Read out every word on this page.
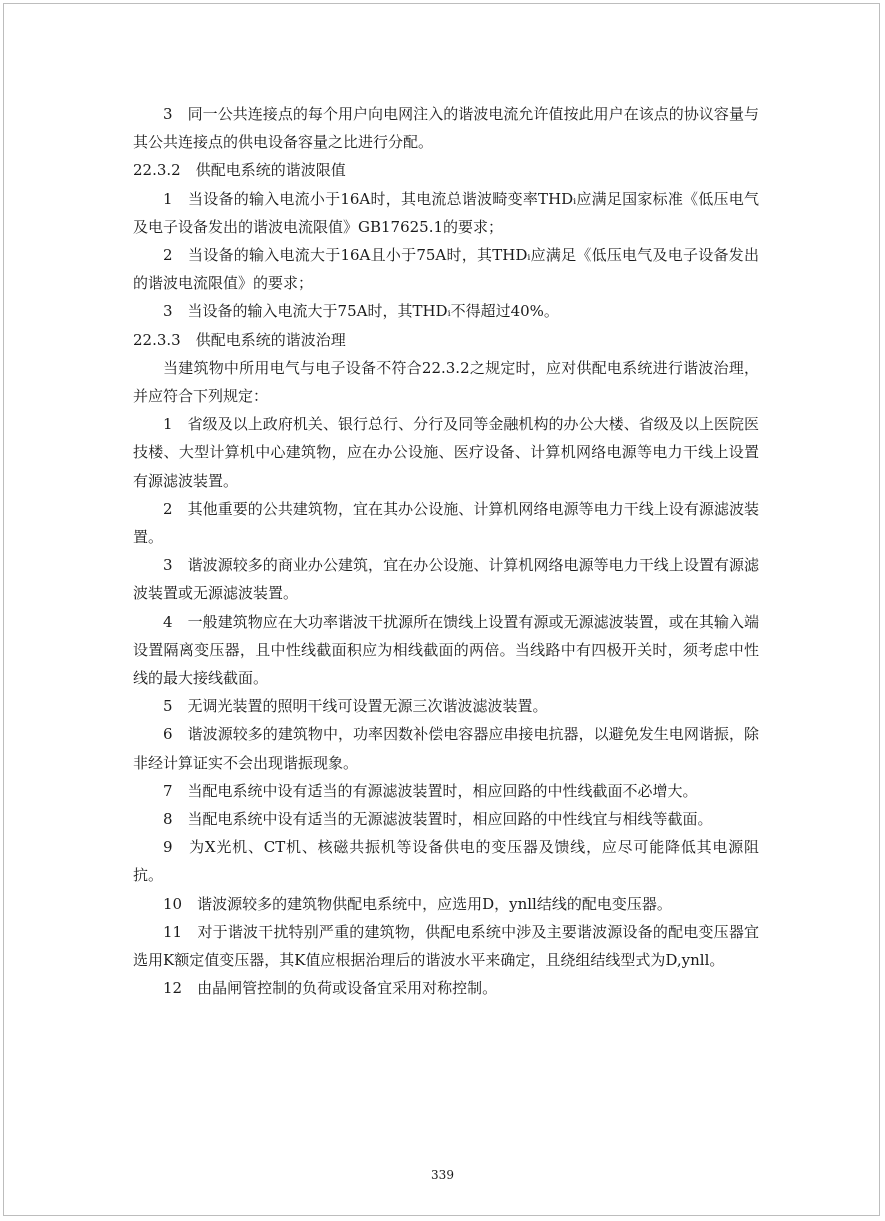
3　同一公共连接点的每个用户向电网注入的谐波电流允许值按此用户在该点的协议容量与其公共连接点的供电设备容量之比进行分配。

22.3.2　供配电系统的谐波限值

1　当设备的输入电流小于16A时，其电流总谐波畸变率THDᵢ应满足国家标准《低压电气及电子设备发出的谐波电流限值》GB17625.1的要求；

2　当设备的输入电流大于16A且小于75A时，其THDᵢ应满足《低压电气及电子设备发出的谐波电流限值》的要求；

3　当设备的输入电流大于75A时，其THDᵢ不得超过40%。

22.3.3　供配电系统的谐波治理

当建筑物中所用电气与电子设备不符合22.3.2之规定时，应对供配电系统进行谐波治理，并应符合下列规定：

1　省级及以上政府机关、银行总行、分行及同等金融机构的办公大楼、省级及以上医院医技楼、大型计算机中心建筑物，应在办公设施、医疗设备、计算机网络电源等电力干线上设置有源滤波装置。

2　其他重要的公共建筑物，宜在其办公设施、计算机网络电源等电力干线上设有源滤波装置。

3　谐波源较多的商业办公建筑，宜在办公设施、计算机网络电源等电力干线上设置有源滤波装置或无源滤波装置。

4　一般建筑物应在大功率谐波干扰源所在馈线上设置有源或无源滤波装置，或在其输入端设置隔离变压器，且中性线截面积应为相线截面的两倍。当线路中有四极开关时，须考虑中性线的最大接线截面。

5　无调光装置的照明干线可设置无源三次谐波滤波装置。

6　谐波源较多的建筑物中，功率因数补偿电容器应串接电抗器，以避免发生电网谐振，除非经计算证实不会出现谐振现象。

7　当配电系统中设有适当的有源滤波装置时，相应回路的中性线截面不必增大。

8　当配电系统中设有适当的无源滤波装置时，相应回路的中性线宜与相线等截面。

9　为X光机、CT机、核磁共振机等设备供电的变压器及馈线，应尽可能降低其电源阻抗。

10　谐波源较多的建筑物供配电系统中，应选用D，ynll结线的配电变压器。

11　对于谐波干扰特别严重的建筑物，供配电系统中涉及主要谐波源设备的配电变压器宜选用K额定值变压器，其K值应根据治理后的谐波水平来确定，且绕组结线型式为D,ynll。

12　由晶闸管控制的负荷或设备宜采用对称控制。

339
